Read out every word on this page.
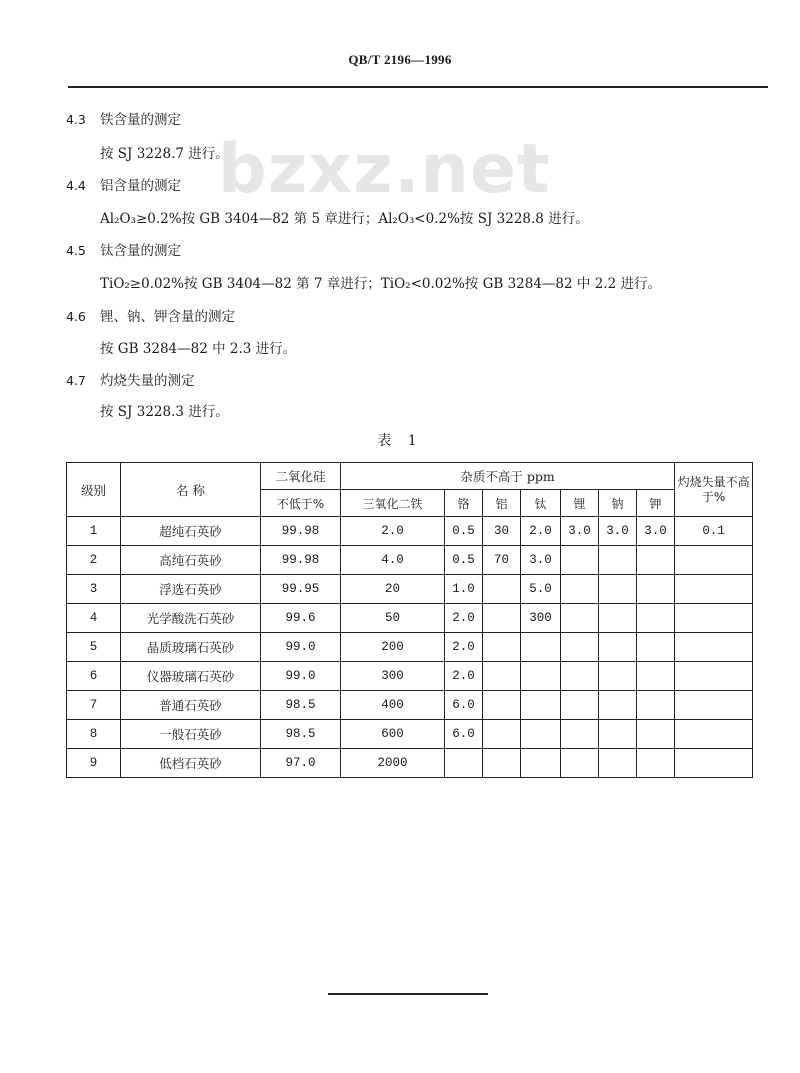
QB/T 2196—1996
bzxz.net
4.3 铁含量的测定
按 SJ 3228.7 进行。
4.4 铝含量的测定
Al₂O₃≥0.2%按 GB 3404—82 第 5 章进行；Al₂O₃<0.2%按 SJ 3228.8 进行。
4.5 钛含量的测定
TiO₂≥0.02%按 GB 3404—82 第 7 章进行；TiO₂<0.02%按 GB 3284—82 中 2.2 进行。
4.6 锂、钠、钾含量的测定
按 GB 3284—82 中 2.3 进行。
4.7 灼烧失量的测定
按 SJ 3228.3 进行。
表 1
级别	名 称	二氧化硅	杂质不高于 ppm							灼烧失量不高于%
		不低于%	三氧化二铁	铬	铝	钛	锂	钠	钾	
1	超纯石英砂	99.98	2.0	0.5	30	2.0	3.0	3.0	3.0	0.1
2	高纯石英砂	99.98	4.0	0.5	70	3.0				
3	浮选石英砂	99.95	20	1.0		5.0				
4	光学酸洗石英砂	99.6	50	2.0		300				
5	晶质玻璃石英砂	99.0	200	2.0						
6	仪器玻璃石英砂	99.0	300	2.0						
7	普通石英砂	98.5	400	6.0						
8	一般石英砂	98.5	600	6.0						
9	低档石英砂	97.0	2000							
